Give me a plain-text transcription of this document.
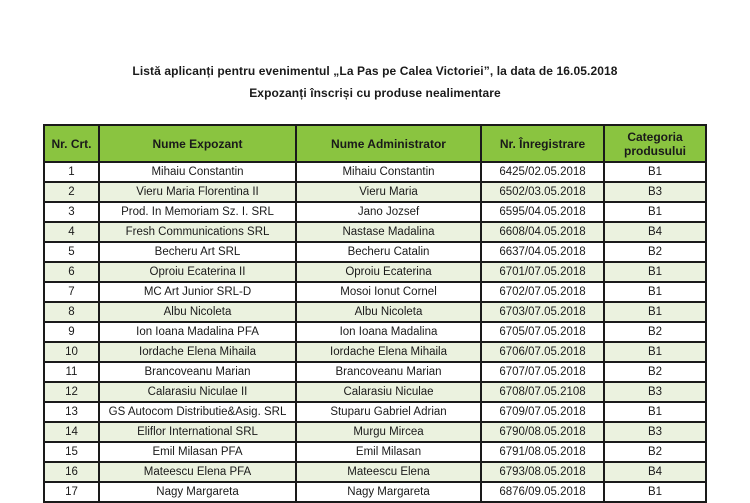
Listă aplicanți pentru evenimentul „La Pas pe Calea Victoriei”, la data de 16.05.2018
Expozanți înscriși cu produse nealimentare
Nr. Crt.	Nume Expozant	Nume Administrator	Nr. Înregistrare	Categoria produsului
1	Mihaiu Constantin	Mihaiu Constantin	6425/02.05.2018	B1
2	Vieru Maria Florentina II	Vieru Maria	6502/03.05.2018	B3
3	Prod. In Memoriam Sz. I. SRL	Jano Jozsef	6595/04.05.2018	B1
4	Fresh Communications SRL	Nastase Madalina	6608/04.05.2018	B4
5	Becheru Art SRL	Becheru Catalin	6637/04.05.2018	B2
6	Oproiu Ecaterina II	Oproiu Ecaterina	6701/07.05.2018	B1
7	MC Art Junior SRL-D	Mosoi Ionut Cornel	6702/07.05.2018	B1
8	Albu Nicoleta	Albu Nicoleta	6703/07.05.2018	B1
9	Ion Ioana Madalina PFA	Ion Ioana Madalina	6705/07.05.2018	B2
10	Iordache Elena Mihaila	Iordache Elena Mihaila	6706/07.05.2018	B1
11	Brancoveanu Marian	Brancoveanu Marian	6707/07.05.2018	B2
12	Calarasiu Niculae II	Calarasiu Niculae	6708/07.05.2108	B3
13	GS Autocom Distributie&Asig. SRL	Stuparu Gabriel Adrian	6709/07.05.2018	B1
14	Eliflor International SRL	Murgu Mircea	6790/08.05.2018	B3
15	Emil Milasan PFA	Emil Milasan	6791/08.05.2018	B2
16	Mateescu Elena PFA	Mateescu Elena	6793/08.05.2018	B4
17	Nagy Margareta	Nagy Margareta	6876/09.05.2018	B1
